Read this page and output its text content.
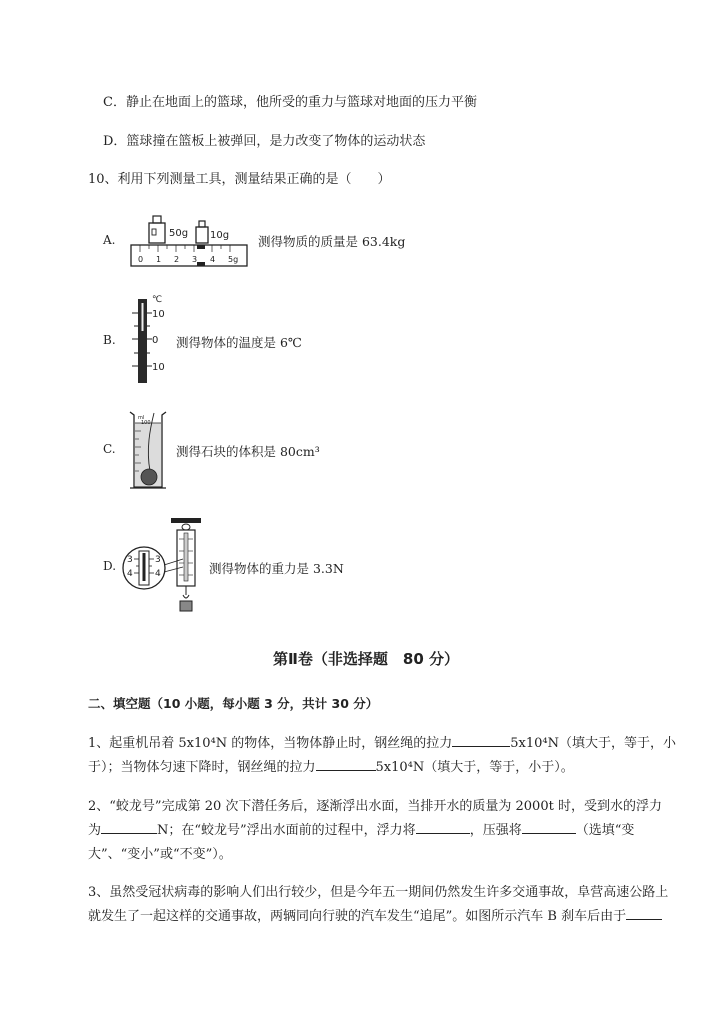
C．静止在地面上的篮球，他所受的重力与篮球对地面的压力平衡
D．篮球撞在篮板上被弹回，是力改变了物体的运动状态
10、利用下列测量工具，测量结果正确的是（　　）
A.	50g 10g
0 1 2 3 4 5g
测得物质的质量是 63.4kg
B.
℃
10
0
10
测得物体的温度是 6℃
C.
ml
100
测得石块的体积是 80cm³
D. 3
4
3
4	测得物体的重力是 3.3N
第Ⅱ卷（非选择题　80 分）
二、填空题（10 小题，每小题 3 分，共计 30 分）
1、起重机吊着 5x10⁴N 的物体，当物体静止时，钢丝绳的拉力	5x10⁴N（填大于，等于，小
于）；当物体匀速下降时，钢丝绳的拉力	5x10⁴N（填大于，等于，小于）。
2、“蛟龙号”完成第 20 次下潜任务后，逐渐浮出水面，当排开水的质量为 2000t 时，受到水的浮力
为	N；在“蛟龙号”浮出水面前的过程中，浮力将	，压强将	（选填“变
大”、“变小”或“不变”）。
3、虽然受冠状病毒的影响人们出行较少，但是今年五一期间仍然发生许多交通事故，阜营高速公路上
就发生了一起这样的交通事故，两辆同向行驶的汽车发生“追尾”。如图所示汽车 B 刹车后由于
